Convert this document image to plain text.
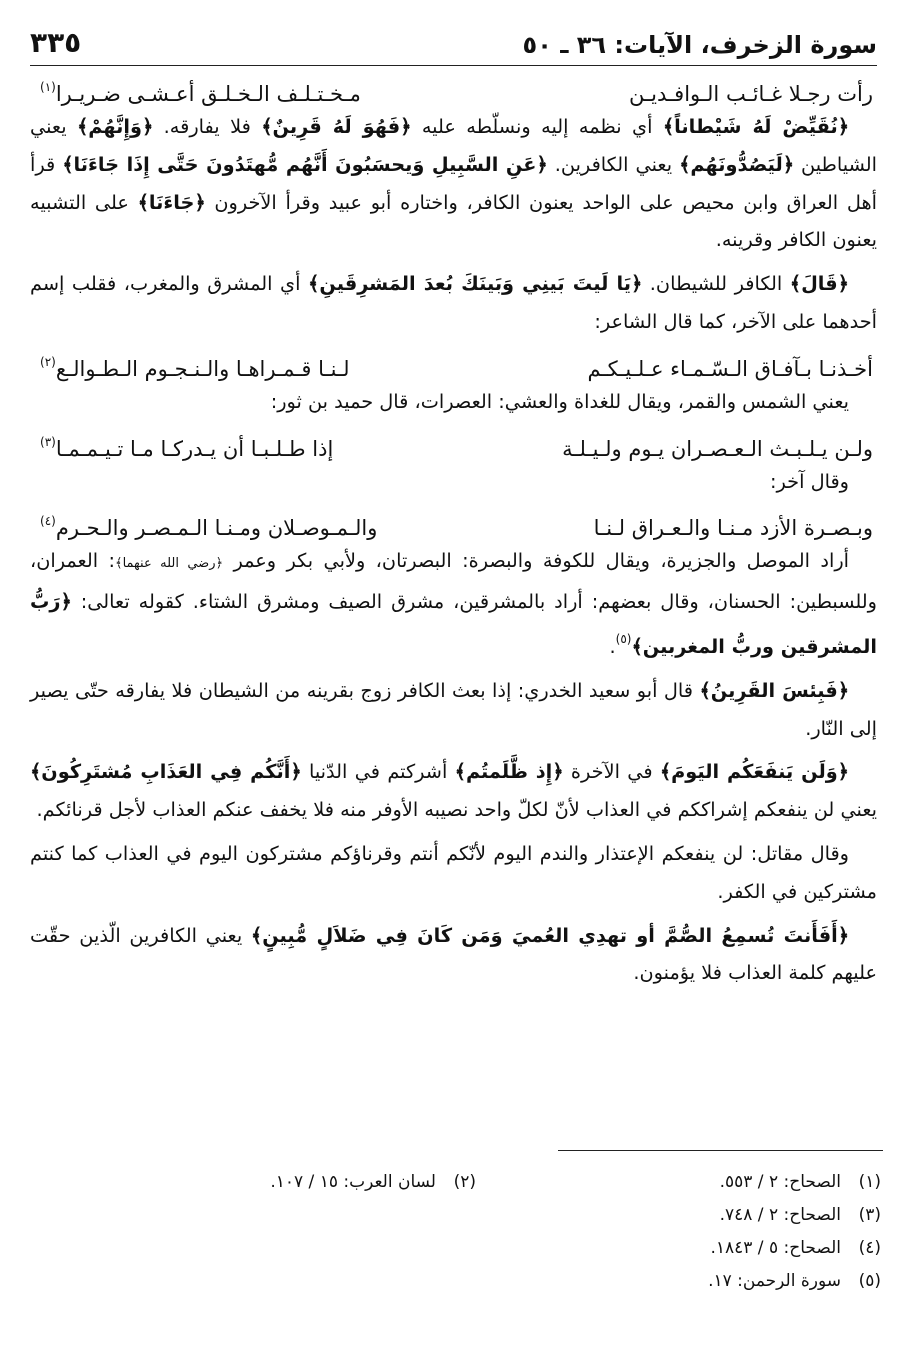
سورة الزخرف، الآيات: ٣٦ ـ ٥٠
٣٣٥
رأت رجـلا غـائـب الـوافـديـن
مـخـتـلـف الـخـلـق أعـشـى ضـريـرا$^{(١)}$

﴿نُقَيِّضْ لَهُ شَيْطاناً﴾ أي نظمه إليه ونسلّطه عليه ﴿فَهُوَ لَهُ قَرِينٌ﴾ فلا يفارقه. ﴿وَإِنَّهُمْ﴾ يعني الشياطين ﴿لَيَصُدُّونَهُم﴾ يعني الكافرين. ﴿عَنِ السَّبِيلِ وَيحسَبُونَ أَنَّهُم مُّهتَدُونَ حَتَّى إِذَا جَاءَنَا﴾ قرأ أهل العراق وابن محيص على الواحد يعنون الكافر، واختاره أبو عبيد وقرأ الآخرون ﴿جَاءَنَا﴾ على التشبيه يعنون الكافر وقرينه.

﴿قَالَ﴾ الكافر للشيطان. ﴿يَا لَيتَ بَينِي وَبَينَكَ بُعدَ المَشرِقَينِ﴾ أي المشرق والمغرب، فقلب إسم أحدهما على الآخر، كما قال الشاعر:

أخـذنـا بـآفـاق الـسّـمـاء عـلـيـكـم
لـنـا قـمـراهـا والـنـجـوم الـطـوالـع$^{(٢)}$

يعني الشمس والقمر، ويقال للغداة والعشي: العصرات، قال حميد بن ثور:

ولـن يـلـبـث الـعـصـران يـوم ولـيـلـة
إذا طـلـبـا أن يـدركـا مـا تـيـمـمـا$^{(٣)}$

وقال آخر:

وبـصـرة الأزد مـنـا والـعـراق لـنـا
والـمـوصـلان ومـنـا الـمـصـر والـحـرم$^{(٤)}$

أراد الموصل والجزيرة، ويقال للكوفة والبصرة: البصرتان، ولأبي بكر وعمر ﴿رضي الله عنهما﴾: العمران، وللسبطين: الحسنان، وقال بعضهم: أراد بالمشرقين، مشرق الصيف ومشرق الشتاء. كقوله تعالى: ﴿رَبُّ المشرقين وربُّ المغربين﴾$^{(٥)}$.

﴿فَبِئسَ القَرِينُ﴾ قال أبو سعيد الخدري: إذا بعث الكافر زوج بقرينه من الشيطان فلا يفارقه حتّى يصير إلى النّار.

﴿وَلَن يَنفَعَكُم اليَومَ﴾ في الآخرة ﴿إِذ ظَّلَمتُم﴾ أشركتم في الدّنيا ﴿أَنَّكُم فِي العَذَابِ مُشتَرِكُونَ﴾ يعني لن ينفعكم إشراككم في العذاب لأنّ لكلّ واحد نصيبه الأوفر منه فلا يخفف عنكم العذاب لأجل قرنائكم.

وقال مقاتل: لن ينفعكم الإعتذار والندم اليوم لأنّكم أنتم وقرناؤكم مشتركون اليوم في العذاب كما كنتم مشتركين في الكفر.

﴿أَفَأَنتَ تُسمِعُ الصُّمَّ أو تهدِي العُميَ وَمَن كَانَ فِي ضَلاَلٍ مُّبِينٍ﴾ يعني الكافرين الّذين حقّت عليهم كلمة العذاب فلا يؤمنون.

(١)الصحاح: ٢ / ٥٥٣.
(٢)لسان العرب: ١٥ / ١٠٧.
(٣)الصحاح: ٢ / ٧٤٨.
(٤)الصحاح: ٥ / ١٨٤٣.
(٥)سورة الرحمن: ١٧.
